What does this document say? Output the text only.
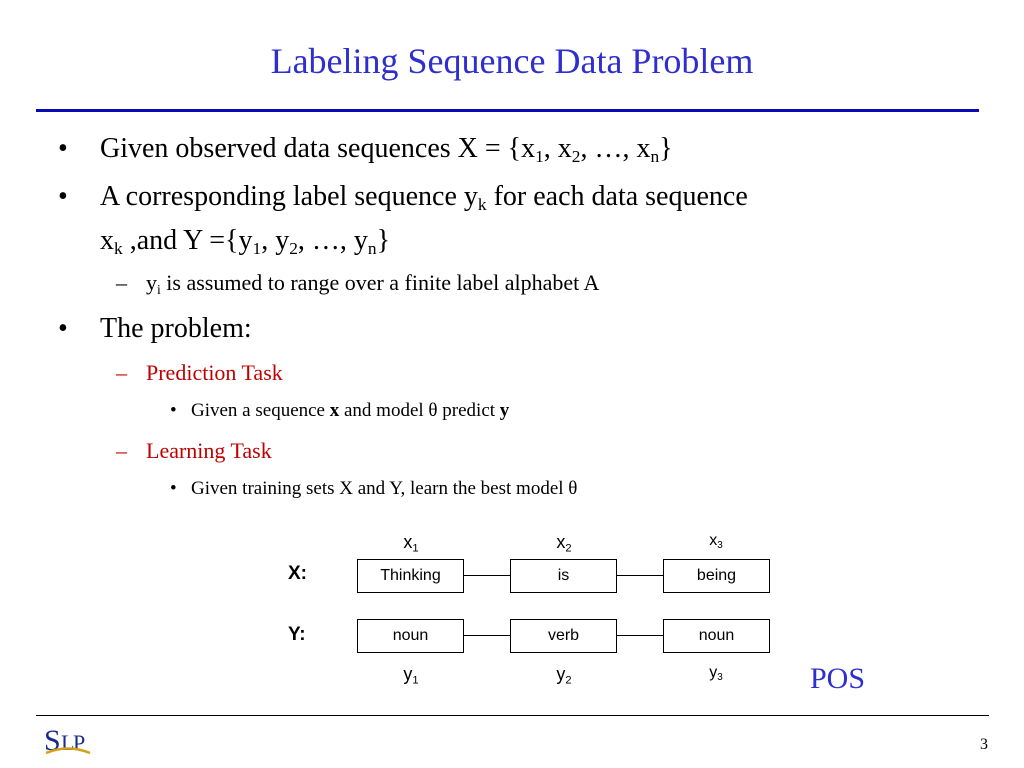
Labeling Sequence Data Problem
• Given observed data sequences $X = \{x_1$, $x_2$, …, $x_n$}
• A corresponding label sequence $y_k$ for each data sequence
$x_k$ ,and $Y =\{y_1$, $y_2$, …, $y_n$}
– $y_i$ is assumed to range over a finite label alphabet A
• The problem:
– Prediction Task
• Given a sequence x and model θ predict y
– Learning Task
• Given training sets X and Y, learn the best model θ
$x_1$	$x_2$	$x_3$
X:	Thinking	is	being
Y:	noun	verb	noun
$y_1$	$y_2$	$y_3$	POS
S L
P	3
